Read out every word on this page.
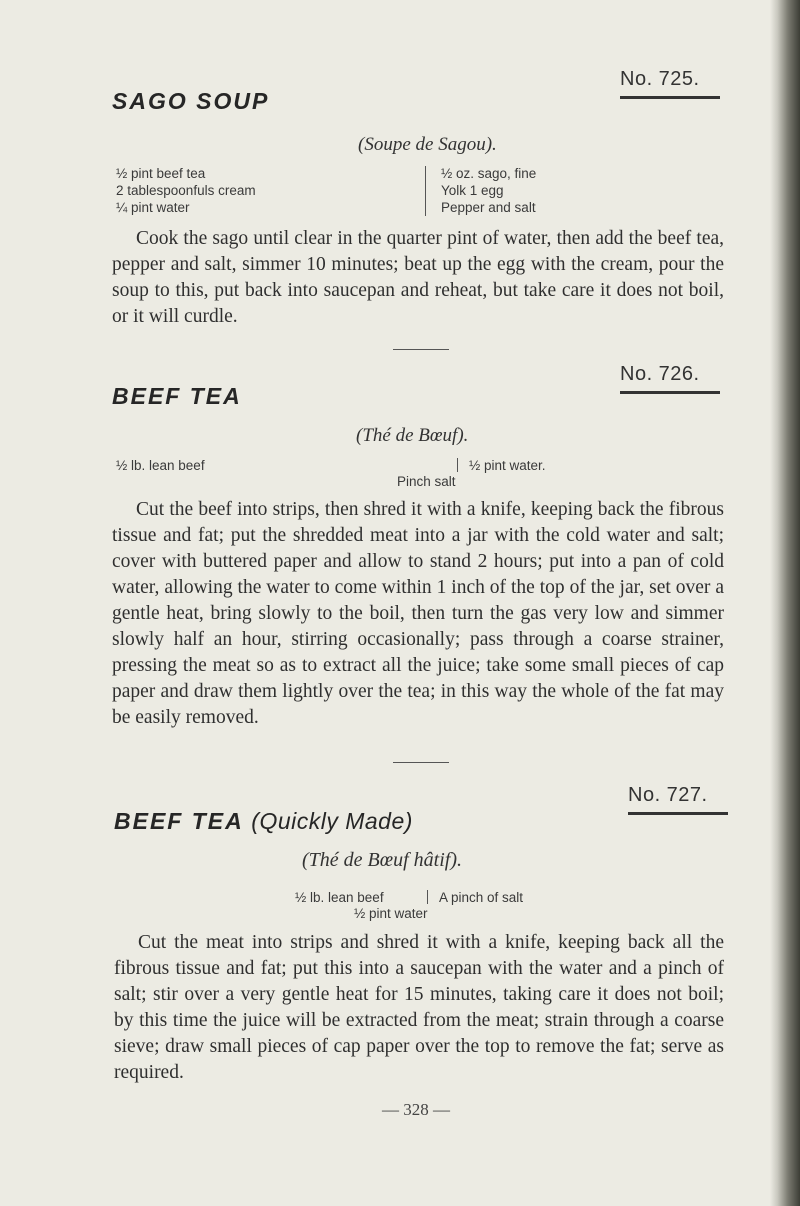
No. 725.
SAGO SOUP
(Soupe de Sagou).
½ pint beef tea
2 tablespoonfuls cream
¼ pint water
½ oz. sago, fine
Yolk 1 egg
Pepper and salt

Cook the sago until clear in the quarter pint of water, then add the beef tea, pepper and salt, simmer 10 minutes; beat up the egg with the cream, pour the soup to this, put back into saucepan and reheat, but take care it does not boil, or it will curdle.

No. 726.
BEEF TEA
(Thé de Bœuf).
½ lb. lean beef	½ pint water.
Pinch salt

Cut the beef into strips, then shred it with a knife, keeping back the fibrous tissue and fat; put the shredded meat into a jar with the cold water and salt; cover with buttered paper and allow to stand 2 hours; put into a pan of cold water, allowing the water to come within 1 inch of the top of the jar, set over a gentle heat, bring slowly to the boil, then turn the gas very low and simmer slowly half an hour, stirring occasionally; pass through a coarse strainer, pressing the meat so as to extract all the juice; take some small pieces of cap paper and draw them lightly over the tea; in this way the whole of the fat may be easily removed.

No. 727.
BEEF TEA (Quickly Made)
(Thé de Bœuf hâtif).
½ lb. lean beef	A pinch of salt
½ pint water

Cut the meat into strips and shred it with a knife, keeping back all the fibrous tissue and fat; put this into a saucepan with the water and a pinch of salt; stir over a very gentle heat for 15 minutes, taking care it does not boil; by this time the juice will be extracted from the meat; strain through a coarse sieve; draw small pieces of cap paper over the top to remove the fat; serve as required.

— 328 —
